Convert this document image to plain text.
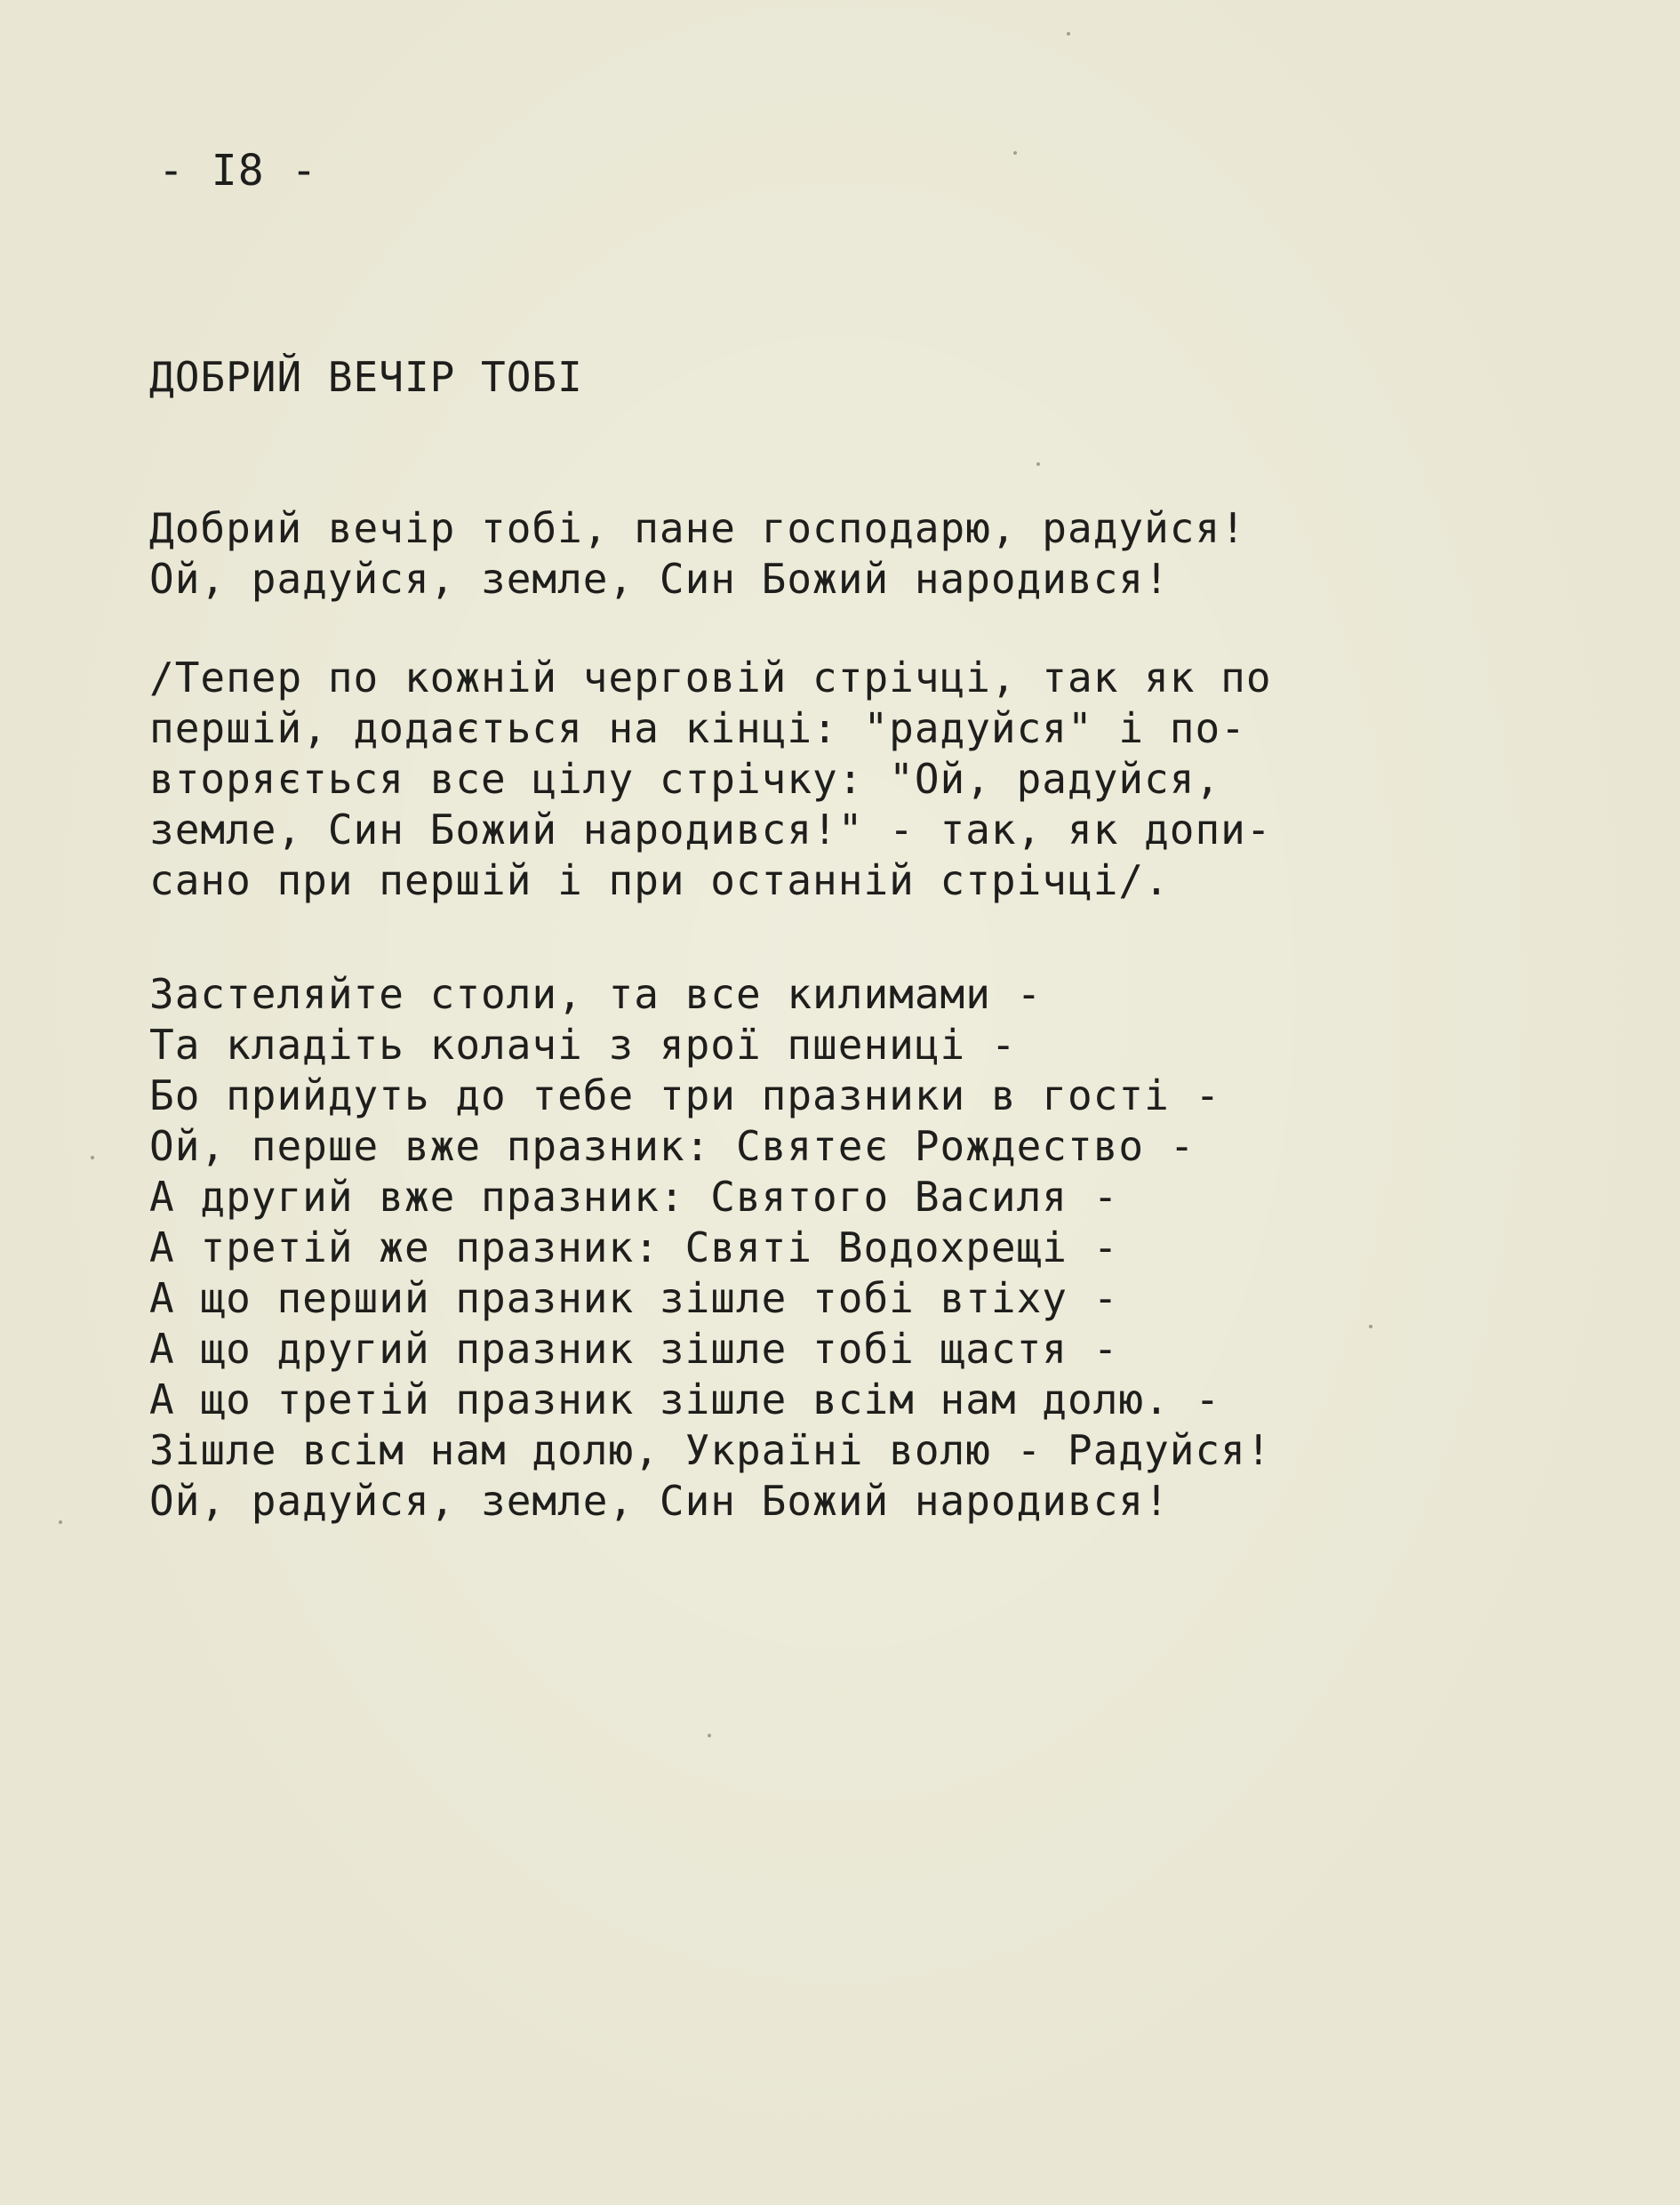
- I8 -
ДОБРИЙ ВЕЧІР ТОБІ
Добрий вечір тобі, пане господарю, радуйся!
Ой, радуйся, земле, Син Божий народився!
/Тепер по кожній черговій стрічці, так як по
першій, додається на кінці: "радуйся" і по-
вторяється все цілу стрічку: "Ой, радуйся,
земле, Син Божий народився!" - так, як допи-
сано при першій і при останній стрічці/.
Застеляйте столи, та все килимами -
Та кладіть колачі з ярої пшениці -
Бо прийдуть до тебе три празники в гості -
Ой, перше вже празник: Святеє Рождество -
А другий вже празник: Святого Василя -
А третій же празник: Святі Водохрещі -
А що перший празник зішле тобі втіху -
А що другий празник зішле тобі щастя -
А що третій празник зішле всім нам долю. -
Зішле всім нам долю, Україні волю - Радуйся!
Ой, радуйся, земле, Син Божий народився!
